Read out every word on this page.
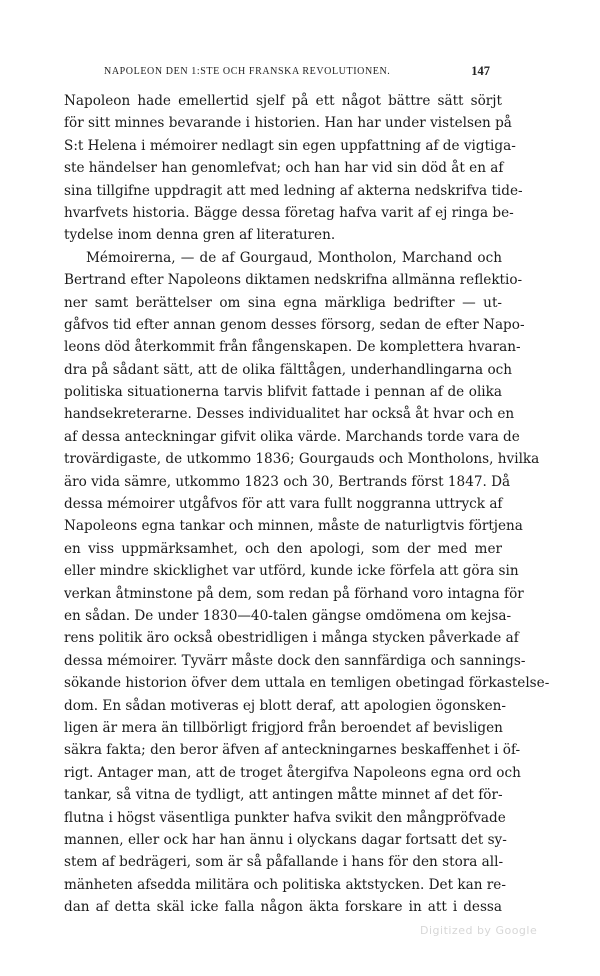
NAPOLEON DEN 1:STE OCH FRANSKA REVOLUTIONEN.	147
Napoleon hade emellertid sjelf på ett något bättre sätt sörjt
för sitt minnes bevarande i historien. Han har under vistelsen på
S:t Helena i mémoirer nedlagt sin egen uppfattning af de vigtiga-
ste händelser han genomlefvat; och han har vid sin död åt en af
sina tillgifne uppdragit att med ledning af akterna nedskrifva tide-
hvarfvets historia. Bägge dessa företag hafva varit af ej ringa be-
tydelse inom denna gren af literaturen.
Mémoirerna, — de af Gourgaud, Montholon, Marchand och
Bertrand efter Napoleons diktamen nedskrifna allmänna reflektio-
ner samt berättelser om sina egna märkliga bedrifter — ut-
gåfvos tid efter annan genom desses försorg, sedan de efter Napo-
leons död återkommit från fångenskapen. De kompletterа hvaran-
dra på sådant sätt, att de olika fälttågen, underhandlingarna och
politiska situationerna tarvis blifvit fattade i pennan af de olika
handsekreterarne. Desses individualitet har också åt hvar och en
af dessa anteckningar gifvit olika värde. Marchands torde vara de
trovärdigaste, de utkommo 1836; Gourgauds och Montholons, hvilka
äro vida sämre, utkommo 1823 och 30, Bertrands först 1847. Då
dessa mémoirer utgåfvos för att vara fullt noggranna uttryck af
Napoleons egna tankar och minnen, måste de naturligtvis förtjena
en viss uppmärksamhet, och den apologi, som der med mer
eller mindre skicklighet var utförd, kunde icke förfela att göra sin
verkan åtminstone på dem, som redan på förhand voro intagna för
en sådan. De under 1830—40-talen gängse omdömena om kejsa-
rens politik äro också obestridligen i många stycken påverkade af
dessa mémoirer. Tyvärr måste dock den sannfärdiga och sannings-
sökande historion öfver dem uttala en temligen obetingad förkastelse-
dom. En sådan motiveras ej blott deraf, att apologien ögonsken-
ligen är mera än tillbörligt frigjord från beroendet af bevisligen
säkra fakta; den beror äfven af anteckningarnes beskaffenhet i öf-
rigt. Antager man, att de troget återgifva Napoleons egna ord och
tankar, så vitna de tydligt, att antingen måtte minnet af det för-
flutna i högst väsentliga punkter hafva svikit den mångpröfvade
mannen, eller ock har han ännu i olyckans dagar fortsatt det sy-
stem af bedrägeri, som är så påfallande i hans för den stora all-
mänheten afsedda militära och politiska aktstycken. Det kan re-
dan af detta skäl icke falla någon äkta forskare in att i dessa
Digitized by Google
